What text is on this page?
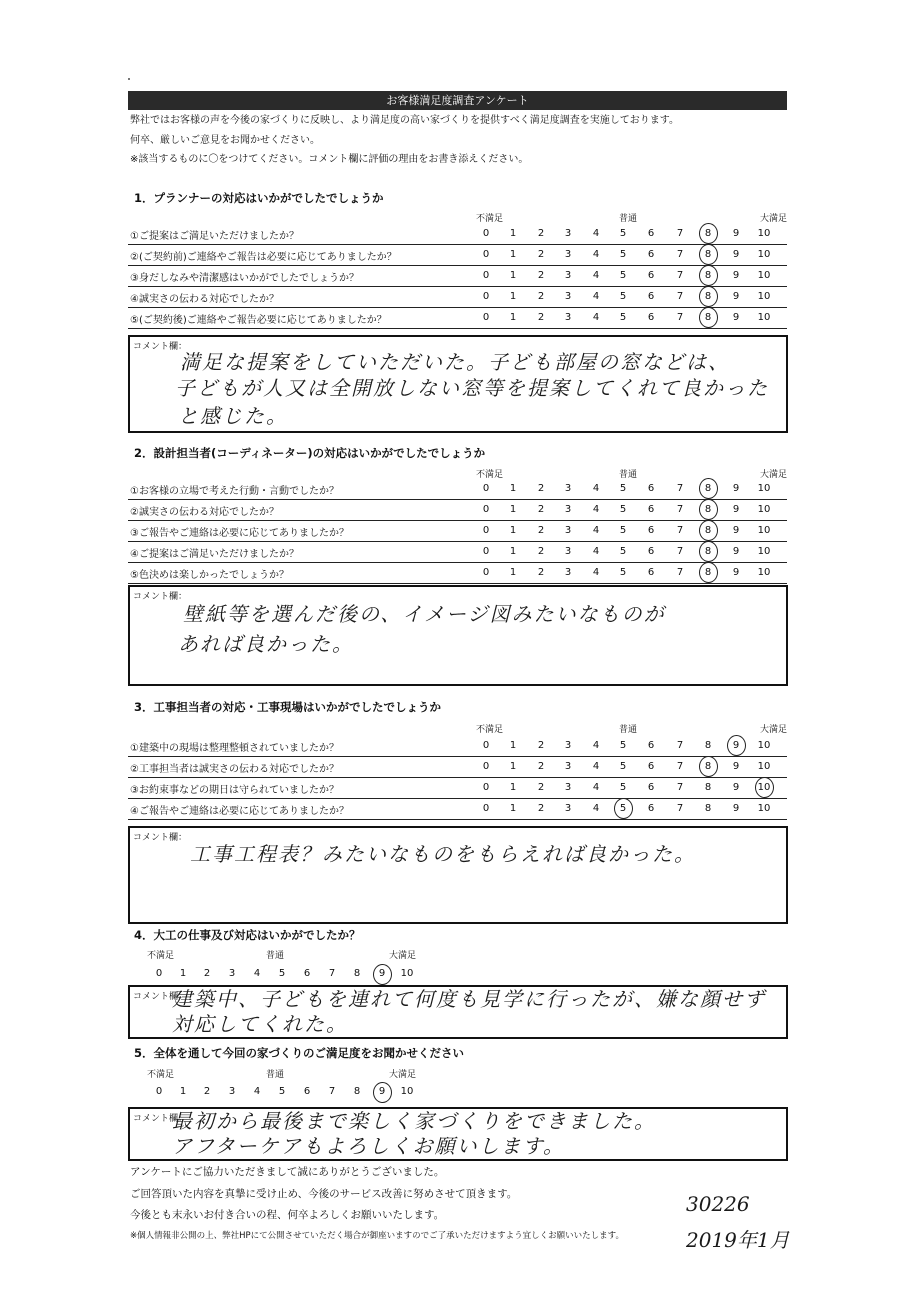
お客様満足度調査アンケート
弊社ではお客様の声を今後の家づくりに反映し、より満足度の高い家づくりを提供すべく満足度調査を実施しております。
何卒、厳しいご意見をお聞かせください。
※該当するものに〇をつけてください。コメント欄に評価の理由をお書き添えください。
1．プランナーの対応はいかがでしたでしょうか
不満足	普通	大満足
①ご提案はご満足いただけましたか？	0	1	2	3	4	5	6	7	8	9	10
②(ご契約前)ご連絡やご報告は必要に応じてありましたか？	0	1	2	3	4	5	6	7	8	9	10
③身だしなみや清潔感はいかがでしたでしょうか？	0	1	2	3	4	5	6	7	8	9	10
④誠実さの伝わる対応でしたか？	0	1	2	3	4	5	6	7	8	9	10
⑤(ご契約後)ご連絡やご報告必要に応じてありましたか？	0	1	2	3	4	5	6	7	8	9	10
コメント欄：
満足な提案をしていただいた。子ども部屋の窓などは、
子どもが人又は全開放しない窓等を提案してくれて良かった
と感じた。
2．設計担当者(コーディネーター)の対応はいかがでしたでしょうか
不満足	普通	大満足
①お客様の立場で考えた行動・言動でしたか？	0	1	2	3	4	5	6	7	8	9	10
②誠実さの伝わる対応でしたか？	0	1	2	3	4	5	6	7	8	9	10
③ご報告やご連絡は必要に応じてありましたか？	0	1	2	3	4	5	6	7	8	9	10
④ご提案はご満足いただけましたか？	0	1	2	3	4	5	6	7	8	9	10
⑤色決めは楽しかったでしょうか？	0	1	2	3	4	5	6	7	8	9	10
コメント欄：
壁紙等を選んだ後の、イメージ図みたいなものが
あれば良かった。
3．工事担当者の対応・工事現場はいかがでしたでしょうか
不満足	普通	大満足
①建築中の現場は整理整頓されていましたか？	0	1	2	3	4	5	6	7	8	9	10
②工事担当者は誠実さの伝わる対応でしたか？	0	1	2	3	4	5	6	7	8	9	10
③お約束事などの期日は守られていましたか？	0	1	2	3	4	5	6	7	8	9	10
④ご報告やご連絡は必要に応じてありましたか？	0	1	2	3	4	5	6	7	8	9	10
コメント欄：
工事工程表？みたいなものをもらえれば良かった。
4．大工の仕事及び対応はいかがでしたか？
不満足	普通	大満足
0	1	2	3	4	5	6	7	8	9	10
コメント欄：
建築中、子どもを連れて何度も見学に行ったが、嫌な顔せず
対応してくれた。
5．全体を通して今回の家づくりのご満足度をお聞かせください
不満足	普通	大満足
0	1	2	3	4	5	6	7	8	9	10
コメント欄：
最初から最後まで楽しく家づくりをできました。
アフターケアもよろしくお願いします。
アンケートにご協力いただきまして誠にありがとうございました。
ご回答頂いた内容を真摯に受け止め、今後のサービス改善に努めさせて頂きます。
今後とも末永いお付き合いの程、何卒よろしくお願いいたします。
※個人情報非公開の上、弊社HPにて公開させていただく場合が御座いますのでご了承いただけますよう宜しくお願いいたします。
30226
2019年1月
